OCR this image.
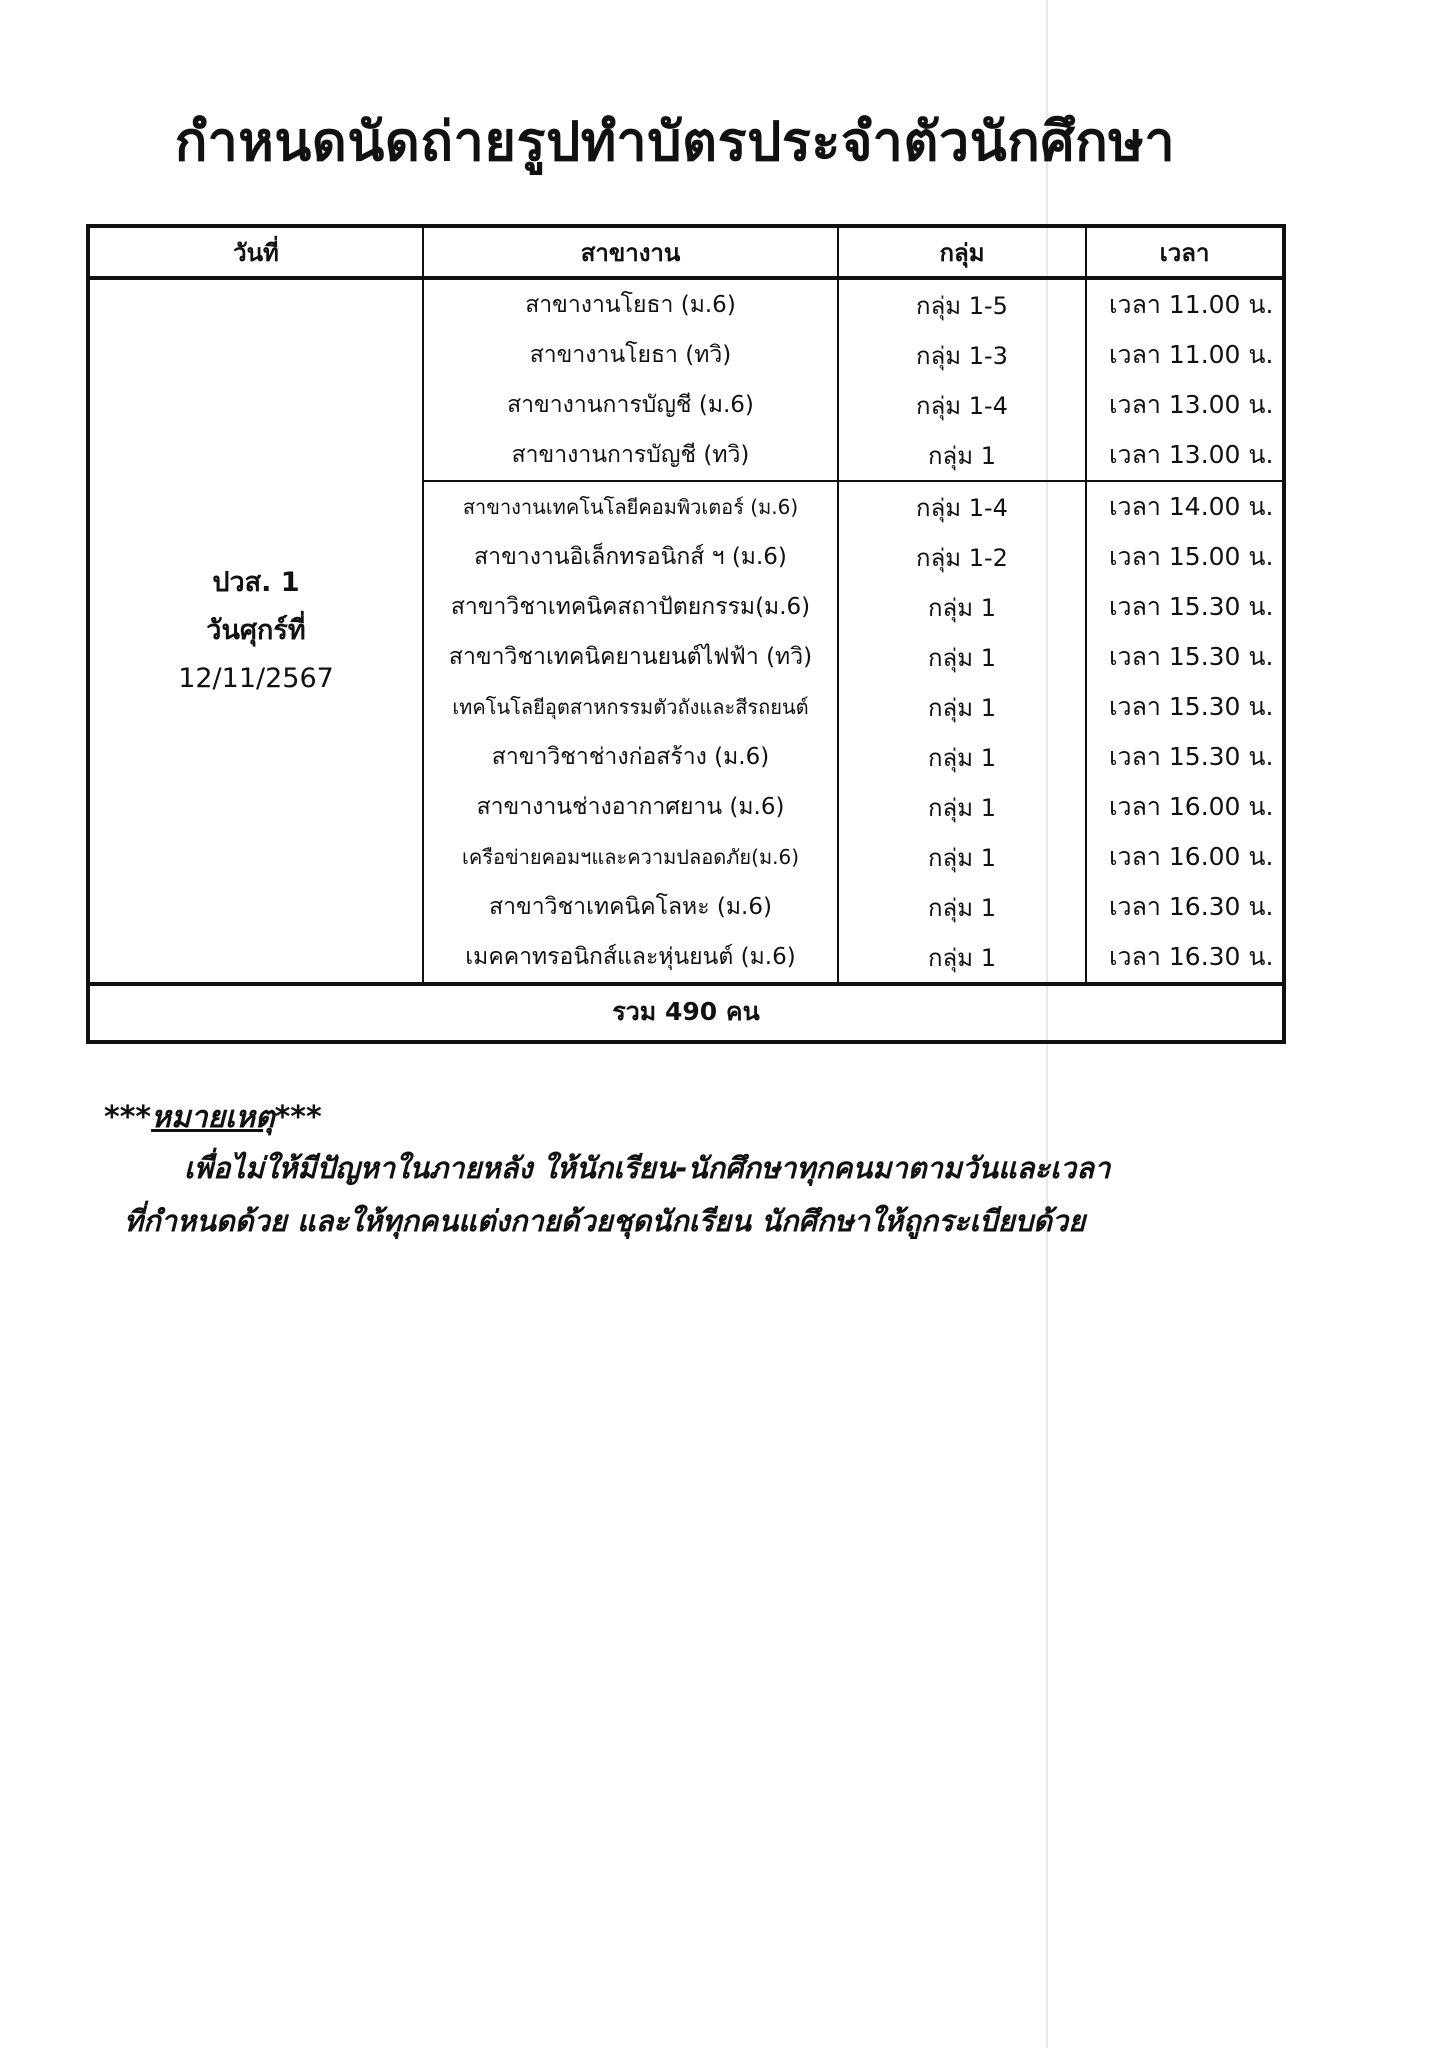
กำหนดนัดถ่ายรูปทำบัตรประจำตัวนักศึกษา
วันที่	สาขางาน	กลุ่ม	เวลา

ปวส. 1
วันศุกร์ที่
12/11/2567	สาขางานโยธา (ม.6)	กลุ่ม 1-5	เวลา 11.00 น.
	สาขางานโยธา (ทวิ)	กลุ่ม 1-3	เวลา 11.00 น.
	สาขางานการบัญชี (ม.6)	กลุ่ม 1-4	เวลา 13.00 น.
	สาขางานการบัญชี (ทวิ)	กลุ่ม 1	เวลา 13.00 น.
	สาขางานเทคโนโลยีคอมพิวเตอร์ (ม.6)	กลุ่ม 1-4	เวลา 14.00 น.
	สาขางานอิเล็กทรอนิกส์ ฯ (ม.6)	กลุ่ม 1-2	เวลา 15.00 น.
	สาขาวิชาเทคนิคสถาปัตยกรรม(ม.6)	กลุ่ม 1	เวลา 15.30 น.
	สาขาวิชาเทคนิคยานยนต์ไฟฟ้า (ทวิ)	กลุ่ม 1	เวลา 15.30 น.
	เทคโนโลยีอุตสาหกรรมตัวถังและสีรถยนต์	กลุ่ม 1	เวลา 15.30 น.
	สาขาวิชาช่างก่อสร้าง (ม.6)	กลุ่ม 1	เวลา 15.30 น.
	สาขางานช่างอากาศยาน (ม.6)	กลุ่ม 1	เวลา 16.00 น.
	เครือข่ายคอมฯและความปลอดภัย(ม.6)	กลุ่ม 1	เวลา 16.00 น.
	สาขาวิชาเทคนิคโลหะ (ม.6)	กลุ่ม 1	เวลา 16.30 น.
	เมคคาทรอนิกส์และหุ่นยนต์ (ม.6)	กลุ่ม 1	เวลา 16.30 น.
รวม 490 คน			
***หมายเหตุ***
เพื่อไม่ให้มีปัญหาในภายหลัง ให้นักเรียน-นักศึกษาทุกคนมาตามวันและเวลา
ที่กำหนดด้วย และให้ทุกคนแต่งกายด้วยชุดนักเรียน นักศึกษาให้ถูกระเบียบด้วย
